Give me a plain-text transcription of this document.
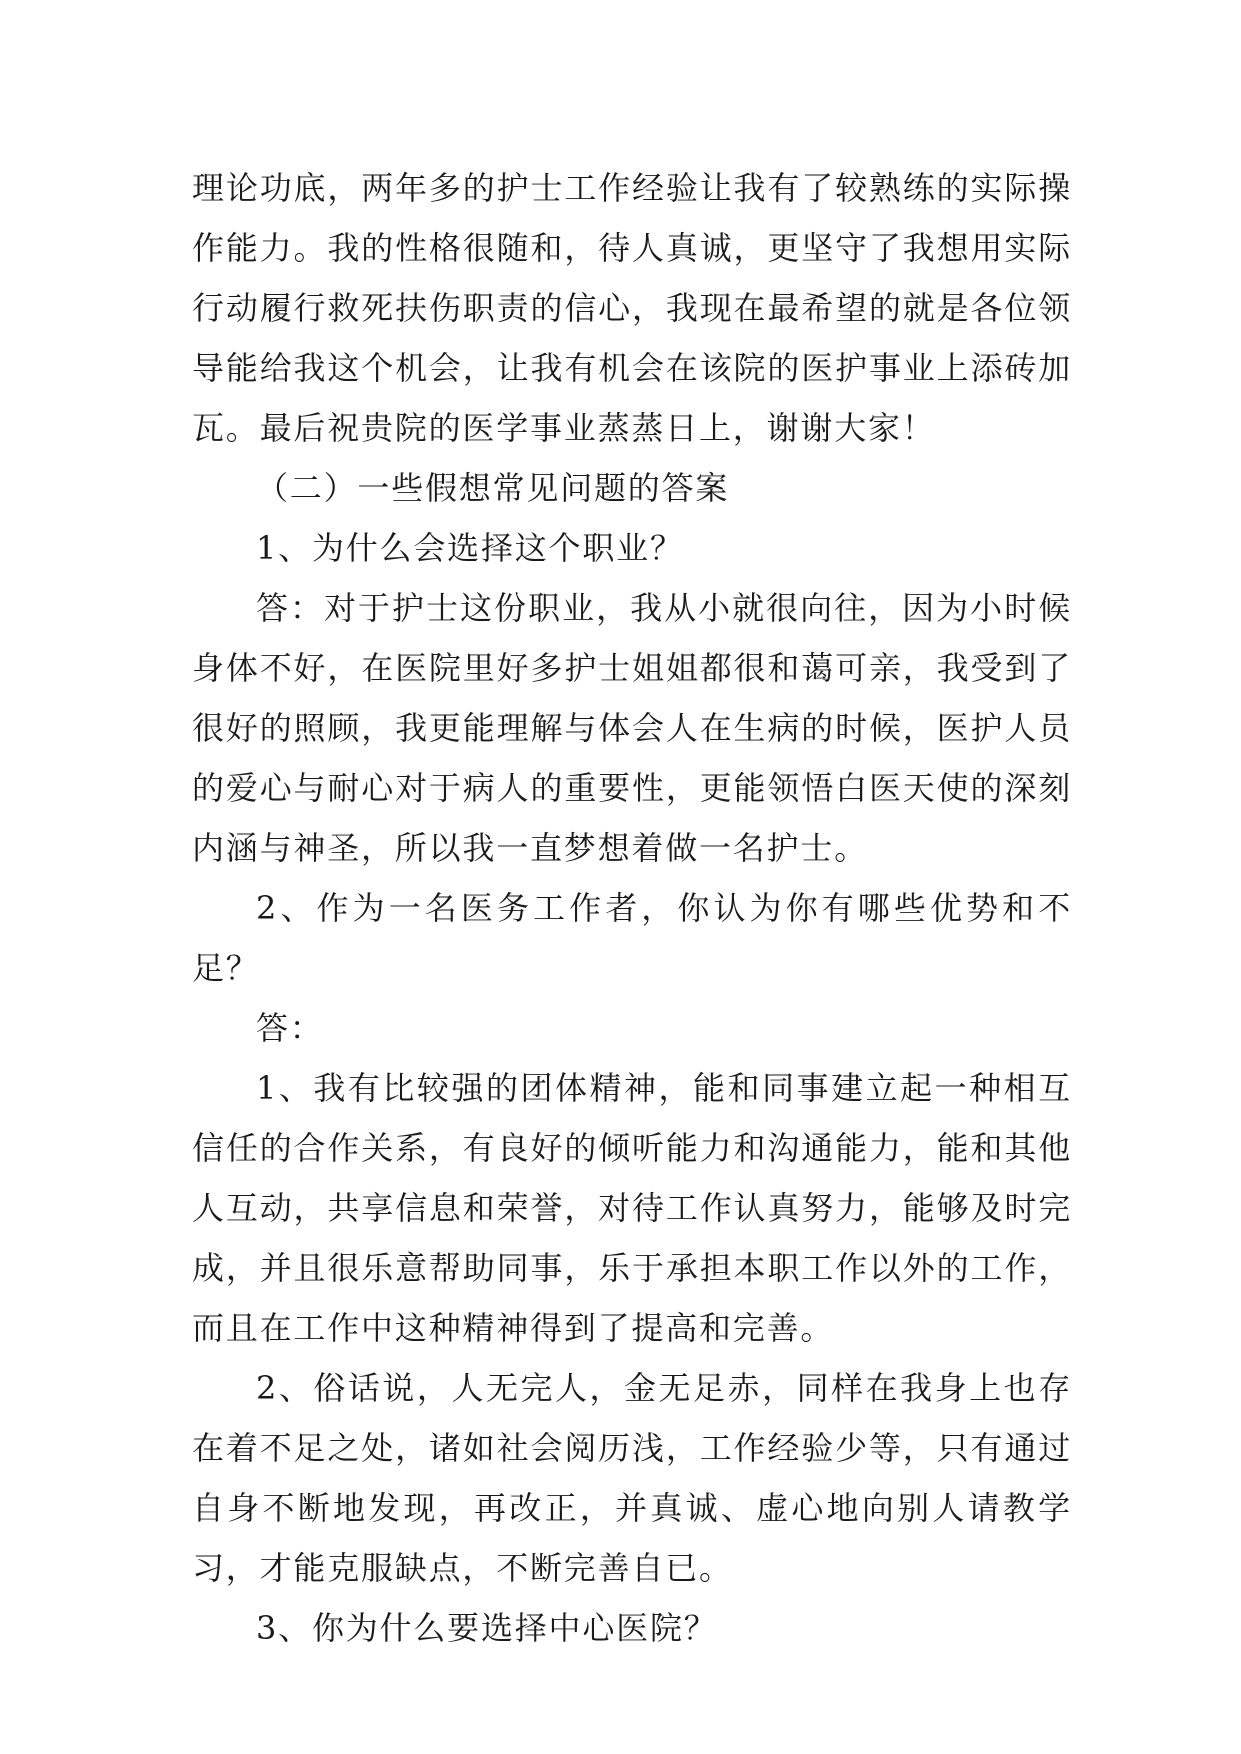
理论功底，两年多的护士工作经验让我有了较熟练的实际操作能力。我的性格很随和，待人真诚，更坚守了我想用实际行动履行救死扶伤职责的信心，我现在最希望的就是各位领导能给我这个机会，让我有机会在该院的医护事业上添砖加瓦。最后祝贵院的医学事业蒸蒸日上，谢谢大家！

（二）一些假想常见问题的答案

1、为什么会选择这个职业？

答：对于护士这份职业，我从小就很向往，因为小时候身体不好，在医院里好多护士姐姐都很和蔼可亲，我受到了很好的照顾，我更能理解与体会人在生病的时候，医护人员的爱心与耐心对于病人的重要性，更能领悟白医天使的深刻内涵与神圣，所以我一直梦想着做一名护士。

2、作为一名医务工作者，你认为你有哪些优势和不足？

答：

1、我有比较强的团体精神，能和同事建立起一种相互信任的合作关系，有良好的倾听能力和沟通能力，能和其他人互动，共享信息和荣誉，对待工作认真努力，能够及时完成，并且很乐意帮助同事，乐于承担本职工作以外的工作，而且在工作中这种精神得到了提高和完善。

2、俗话说，人无完人，金无足赤，同样在我身上也存在着不足之处，诸如社会阅历浅，工作经验少等，只有通过自身不断地发现，再改正，并真诚、虚心地向别人请教学习，才能克服缺点，不断完善自已。

3、你为什么要选择中心医院？
